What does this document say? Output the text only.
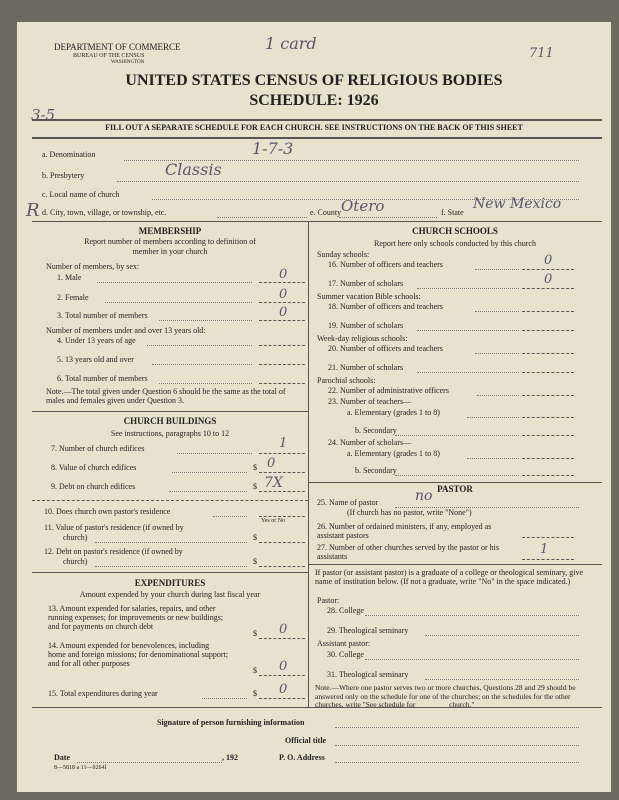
DEPARTMENT OF COMMERCE
BUREAU OF THE CENSUS
WASHINGTON
1 card
711
UNITED STATES CENSUS OF RELIGIOUS BODIES
SCHEDULE: 1926
3-5
FILL OUT A SEPARATE SCHEDULE FOR EACH CHURCH. SEE INSTRUCTIONS ON THE BACK OF THIS SHEET
a. Denomination	1-7-3
b. Presbytery	Classis
c. Local name of church
R d. City, town, village, or township, etc.	e. County Otero	f. State
New Mexico
MEMBERSHIP
Report number of members according to definition of
member in your church
Number of members, by sex:
1. Male	0
2. Female	0
3. Total number of members	0
Number of members under and over 13 years old:
4. Under 13 years of age
5. 13 years old and over
6. Total number of members
Note.—The total given under Question 6 should be the same as the total of males and females given under Question 3.
CHURCH BUILDINGS
See instructions, paragraphs 10 to 12
7. Number of church edifices	1
8. Value of church edifices	$ 0
9. Debt on church edifices	$ 7X
10. Does church own pastor's residence
Yes or No
11. Value of pastor's residence (if owned by
church)	$
12. Debt on pastor's residence (if owned by
church)	$
EXPENDITURES
Amount expended by your church during last fiscal year
13. Amount expended for salaries, repairs, and other running expenses; for improvements or new buildings; and for payments on church debt
$ 0
14. Amount expended for benevolences, including home and foreign missions; for denominational support; and for all other purposes
$ 0
15. Total expenditures during year	$ 0
CHURCH SCHOOLS
Report here only schools conducted by this church
Sunday schools:
16. Number of officers and teachers	0
17. Number of scholars	0
Summer vacation Bible schools:
18. Number of officers and teachers
19. Number of scholars
Week-day religious schools:
20. Number of officers and teachers
21. Number of scholars
Parochial schools:
22. Number of administrative officers
23. Number of teachers—
a. Elementary (grades 1 to 8)
b. Secondary
24. Number of scholars—
a. Elementary (grades 1 to 8)
b. Secondary
PASTOR
25. Name of pastor	no
(If church has no pastor, write "None")
26. Number of ordained ministers, if any, employed as assistant pastors
27. Number of other churches served by the pastor or his assistants	1
If pastor (or assistant pastor) is a graduate of a college or theological seminary, give name of institution below. (If not a graduate, write "No" in the space indicated.)
Pastor:
28. College
29. Theological seminary
Assistant pastor:
30. College
31. Theological seminary
Note.—Where one pastor serves two or more churches, Questions 28 and 29 should be answered only on the schedule for one of the churches; on the schedules for the other churches, write "See schedule for ________ church."
Signature of person furnishing information
Official title
Date	, 192	P. O. Address
8—5818 a 11—9264l
